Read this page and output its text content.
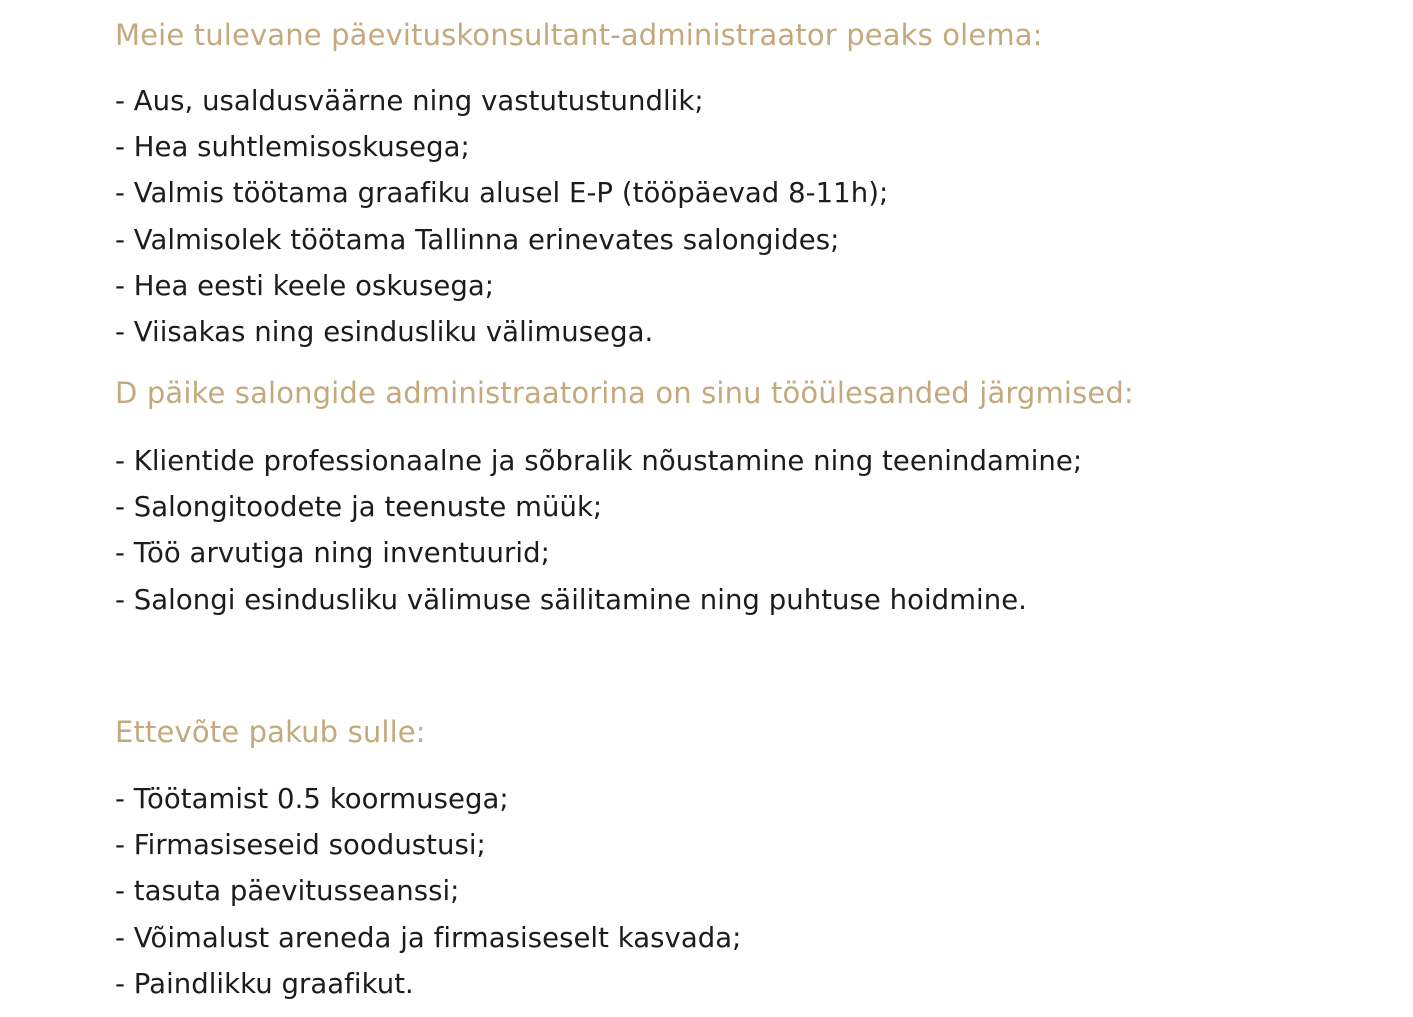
Meie tulevane päevituskonsultant-administraator peaks olema:
- Aus, usaldusväärne ning vastutustundlik;
- Hea suhtlemisoskusega;
- Valmis töötama graafiku alusel E-P (tööpäevad 8-11h);
- Valmisolek töötama Tallinna erinevates salongides;
- Hea eesti keele oskusega;
- Viisakas ning esindusliku välimusega.
D päike salongide administraatorina on sinu tööülesanded järgmised:
- Klientide professionaalne ja sõbralik nõustamine ning teenindamine;
- Salongitoodete ja teenuste müük;
- Töö arvutiga ning inventuurid;
- Salongi esindusliku välimuse säilitamine ning puhtuse hoidmine.
Ettevõte pakub sulle:
- Töötamist 0.5 koormusega;
- Firmasiseseid soodustusi;
- tasuta päevitusseanssi;
- Võimalust areneda ja firmasiseselt kasvada;
- Paindlikku graafikut.
